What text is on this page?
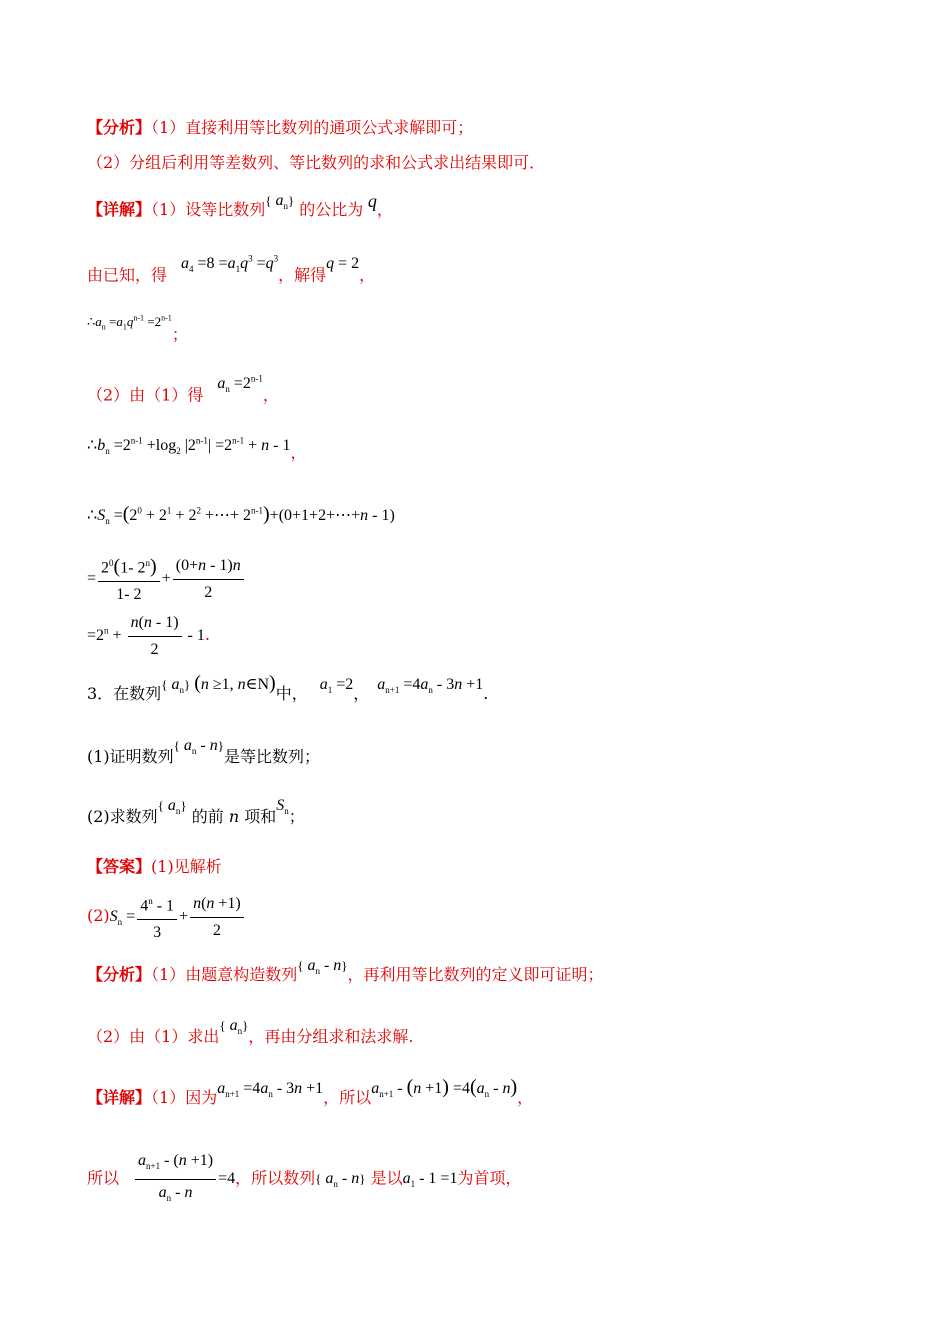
【分析】（1）直接利用等比数列的通项公式求解即可；
（2）分组后利用等差数列、等比数列的求和公式求出结果即可．
【详解】（1）设等比数列{ $a_n$} 的公比为 q，
由已知，得$a_4 =8 =a_1q^3 =q^3$，解得q = 2，
$^{\therefore a_n =a_1q^{n-1} =2^{n-1}}$；
（2）由（1）得$a_n =2^{n-1}$，
$\therefore b_n =2^{n-1} +\log_2$ $|2^{n-1}| =2^{n-1} + n - 1$，
$\therefore S_n =(2^0 + 2^1 + 2^2$ +⋯+ $2^{n-1})+(0+1+2+\cdots+n - 1)$
= $\frac{2^0(1- 2^n)}{1- 2} + \frac{(0+n - 1)n}{2}$
$=2^n + \frac{n(n - 1)}{2} - 1$.
3．在数列{ $a_n$} (n ≥1, n∈N)中， $a_1 =2$， $a_{n+1} =4a_n - 3n +1$.
(1)证明数列{ $a_n - n$}是等比数列；
(2)求数列{ $a_n$} 的前 n 项和$S_n$；
【答案】(1)见解析
$(2)S_n = \frac{4^n - 1}{3} + \frac{n(n +1)}{2}$
【分析】（1）由题意构造数列{ $a_n - n$}，再利用等比数列的定义即可证明；
（2）由（1）求出{ $a_n$}，再由分组求和法求解.
【详解】（1）因为$a_{n+1} =4a_n - 3n +1$，所以$a_{n+1} - (n +1) =4(a_n - n)$，
所以 $\frac{a_{n+1} - (n +1)}{a_n - n} =4$，所以数列{ $a_n - n$} 是以$a_1 - 1 =1$为首项，
